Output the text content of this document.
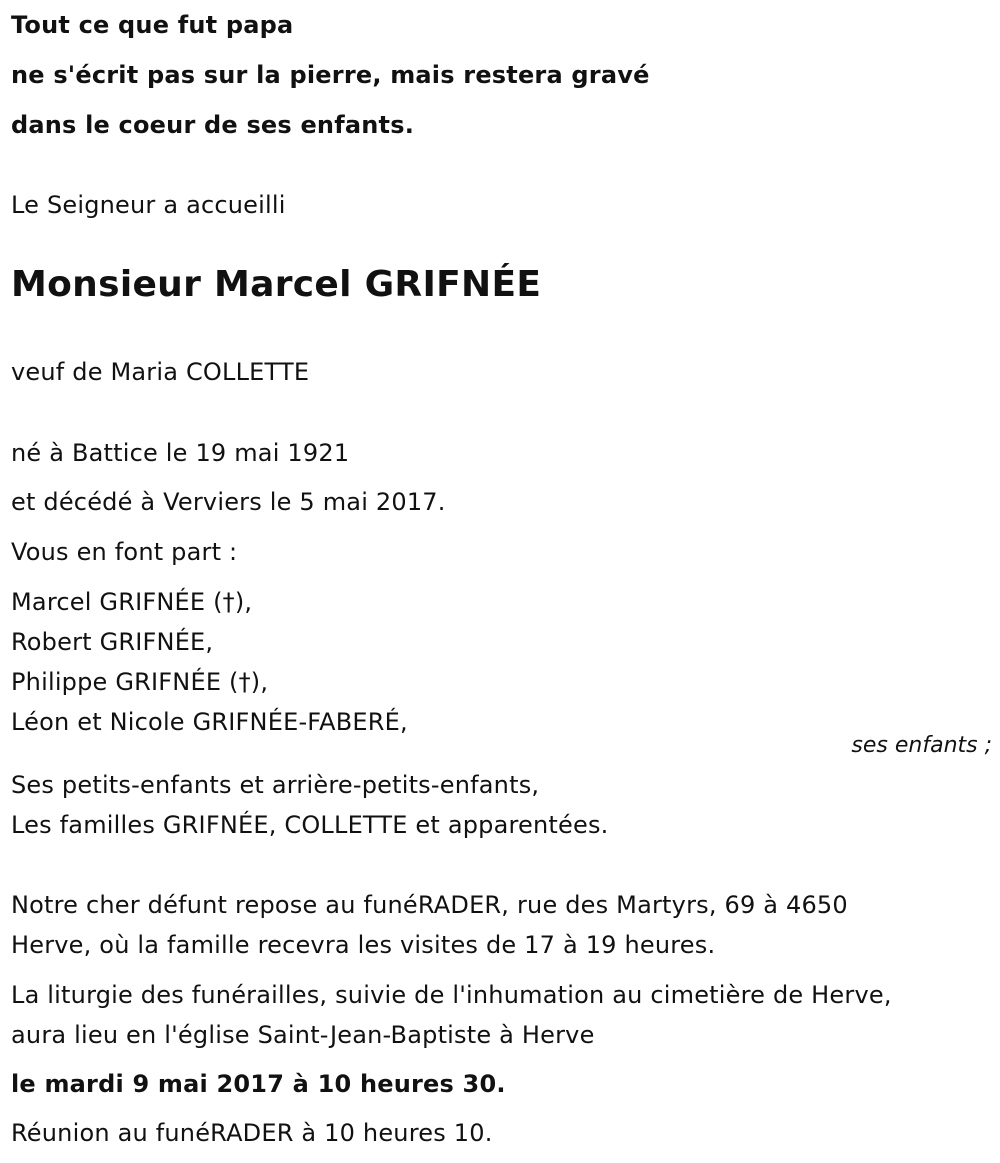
Tout ce que fut papa
ne s'écrit pas sur la pierre, mais restera gravé
dans le coeur de ses enfants.
Le Seigneur a accueilli
Monsieur Marcel GRIFNÉE
veuf de Maria COLLETTE
né à Battice le 19 mai 1921
et décédé à Verviers le 5 mai 2017.
Vous en font part :
Marcel GRIFNÉE (†),
Robert GRIFNÉE,
Philippe GRIFNÉE (†),
Léon et Nicole GRIFNÉE-FABERÉ,
ses enfants ;
Ses petits-enfants et arrière-petits-enfants,
Les familles GRIFNÉE, COLLETTE et apparentées.
Notre cher défunt repose au funéRADER, rue des Martyrs, 69 à 4650
Herve, où la famille recevra les visites de 17 à 19 heures.
La liturgie des funérailles, suivie de l'inhumation au cimetière de Herve,
aura lieu en l'église Saint-Jean-Baptiste à Herve
le mardi 9 mai 2017 à 10 heures 30.
Réunion au funéRADER à 10 heures 10.
